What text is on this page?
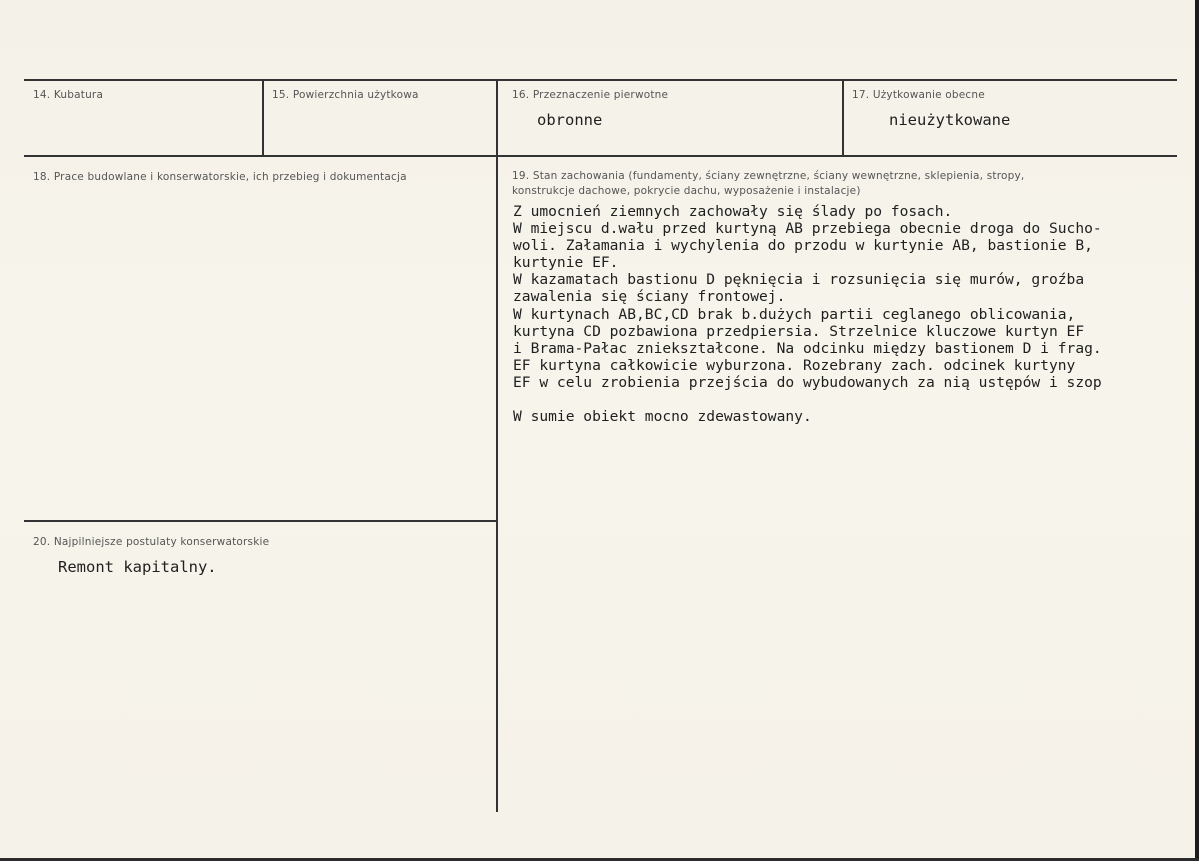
14. Kubatura	15. Powierzchnia użytkowa	16. Przeznaczenie pierwotne
obronne
17. Użytkowanie obecne
nieużytkowane
18. Prace budowlane i konserwatorskie, ich przebieg i dokumentacja	19. Stan zachowania (fundamenty, ściany zewnętrzne, ściany wewnętrzne, sklepienia, stropy,
konstrukcje dachowe, pokrycie dachu, wyposażenie i instalacje)
Z umocnień ziemnych zachowały się ślady po fosach.
W miejscu d.wału przed kurtyną AB przebiega obecnie droga do Sucho-
woli. Załamania i wychylenia do przodu w kurtynie AB, bastionie B,
kurtynie EF.
W kazamatach bastionu D pęknięcia i rozsunięcia się murów, groźba
zawalenia się ściany frontowej.
W kurtynach AB,BC,CD brak b.dużych partii ceglanego oblicowania,
kurtyna CD pozbawiona przedpiersia. Strzelnice kluczowe kurtyn EF
i Brama-Pałac zniekształcone. Na odcinku między bastionem D i frag.
EF kurtyna całkowicie wyburzona. Rozebrany zach. odcinek kurtyny
EF w celu zrobienia przejścia do wybudowanych za nią ustępów i szop

W sumie obiekt mocno zdewastowany.
20. Najpilniejsze postulaty konserwatorskie
Remont kapitalny.
